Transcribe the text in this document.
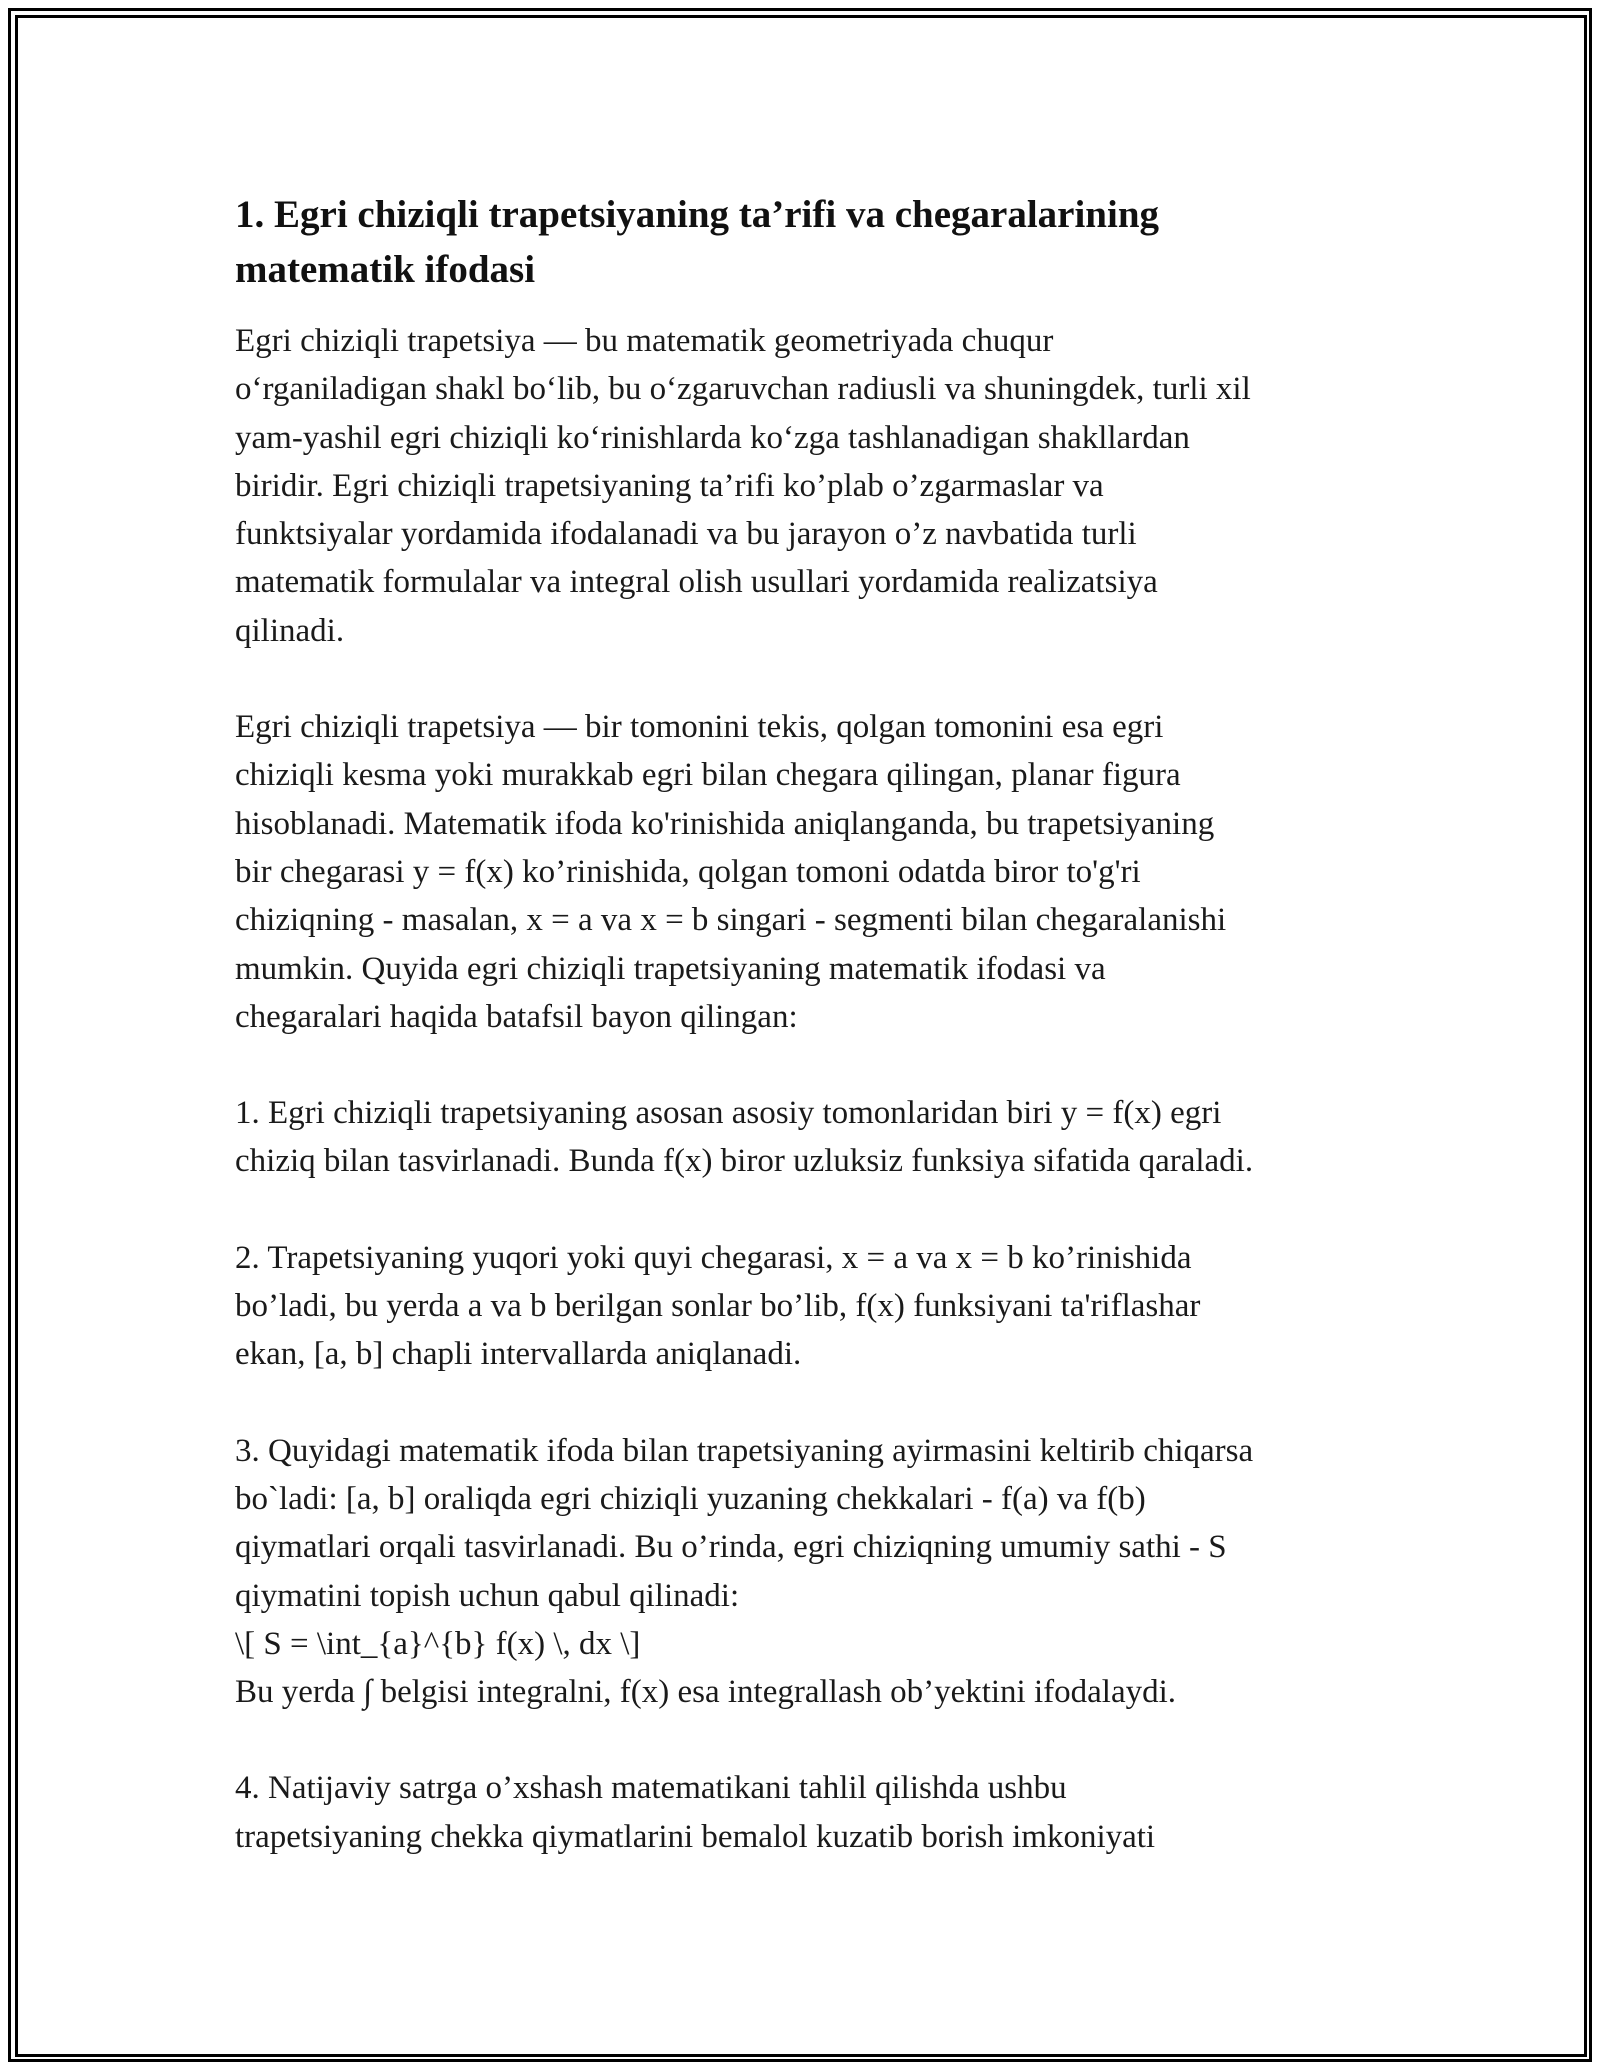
1. Egri chiziqli trapetsiyaning ta’rifi va chegaralarining
matematik ifodasi

Egri chiziqli trapetsiya — bu matematik geometriyada chuqur
o‘rganiladigan shakl bo‘lib, bu o‘zgaruvchan radiusli va shuningdek, turli xil
yam-yashil egri chiziqli ko‘rinishlarda ko‘zga tashlanadigan shakllardan
biridir. Egri chiziqli trapetsiyaning ta’rifi ko’plab o’zgarmaslar va
funktsiyalar yordamida ifodalanadi va bu jarayon o’z navbatida turli
matematik formulalar va integral olish usullari yordamida realizatsiya
qilinadi.

Egri chiziqli trapetsiya — bir tomonini tekis, qolgan tomonini esa egri
chiziqli kesma yoki murakkab egri bilan chegara qilingan, planar figura
hisoblanadi. Matematik ifoda ko'rinishida aniqlanganda, bu trapetsiyaning
bir chegarasi y = f(x) ko’rinishida, qolgan tomoni odatda biror to'g'ri
chiziqning - masalan, x = a va x = b singari - segmenti bilan chegaralanishi
mumkin. Quyida egri chiziqli trapetsiyaning matematik ifodasi va
chegaralari haqida batafsil bayon qilingan:

1. Egri chiziqli trapetsiyaning asosan asosiy tomonlaridan biri y = f(x) egri
chiziq bilan tasvirlanadi. Bunda f(x) biror uzluksiz funksiya sifatida qaraladi.

2. Trapetsiyaning yuqori yoki quyi chegarasi, x = a va x = b ko’rinishida
bo’ladi, bu yerda a va b berilgan sonlar bo’lib, f(x) funksiyani ta'riflashar
ekan, [a, b] chapli intervallarda aniqlanadi.

3. Quyidagi matematik ifoda bilan trapetsiyaning ayirmasini keltirib chiqarsa
bo`ladi: [a, b] oraliqda egri chiziqli yuzaning chekkalari - f(a) va f(b)
qiymatlari orqali tasvirlanadi. Bu o’rinda, egri chiziqning umumiy sathi - S
qiymatini topish uchun qabul qilinadi:
\[ S = \int_{a}^{b} f(x) \, dx \]
Bu yerda ∫ belgisi integralni, f(x) esa integrallash ob’yektini ifodalaydi.

4. Natijaviy satrga o’xshash matematikani tahlil qilishda ushbu
trapetsiyaning chekka qiymatlarini bemalol kuzatib borish imkoniyati
